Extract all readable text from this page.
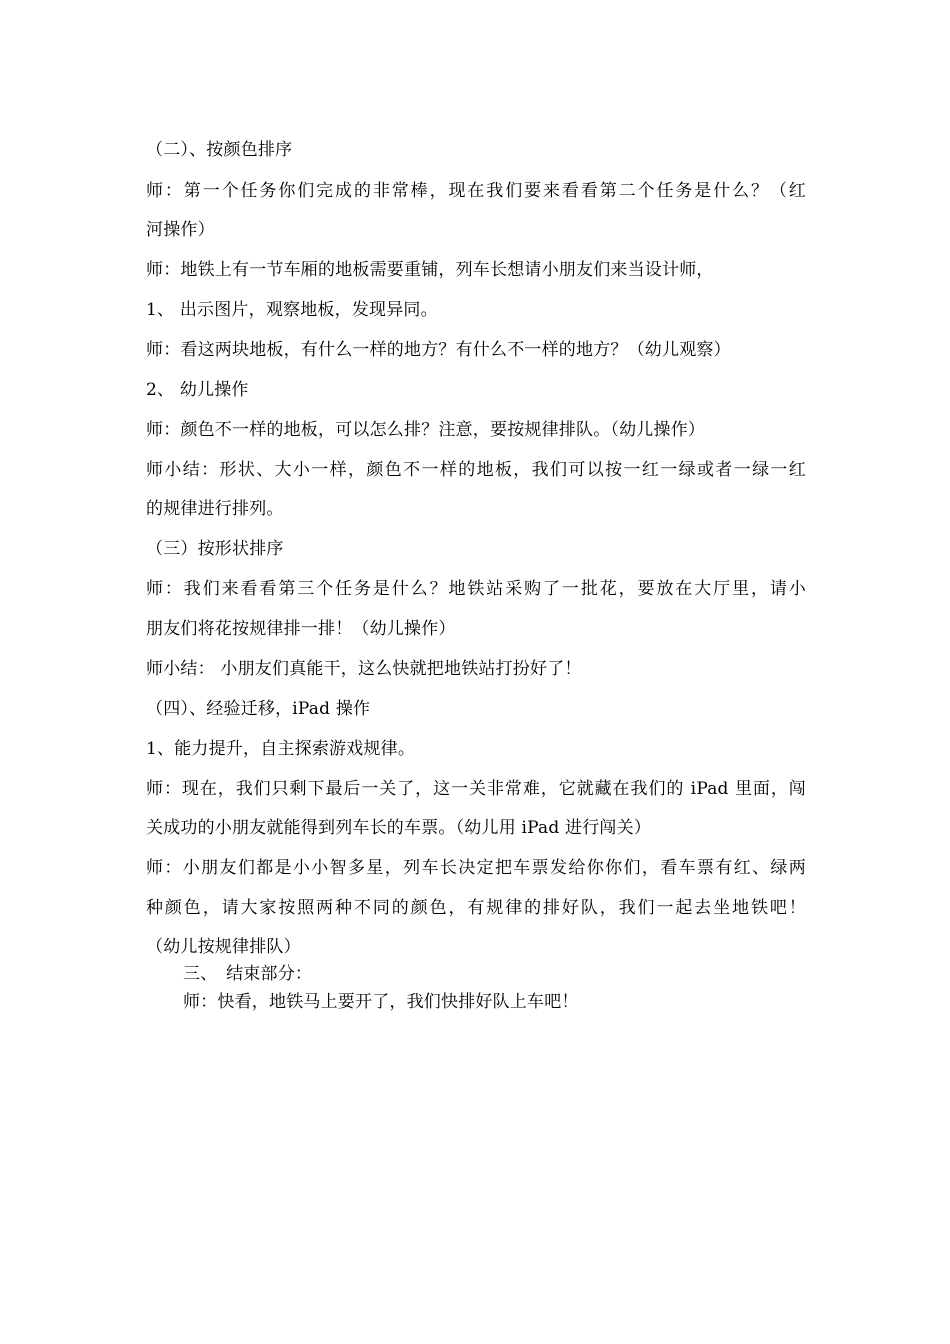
（二）、按颜色排序
师：第一个任务你们完成的非常棒，现在我们要来看看第二个任务是什么？（红
河操作）
师：地铁上有一节车厢的地板需要重铺，列车长想请小朋友们来当设计师，
1、 出示图片，观察地板，发现异同。
师：看这两块地板，有什么一样的地方？有什么不一样的地方？（幼儿观察）
2、 幼儿操作
师：颜色不一样的地板，可以怎么排？注意，要按规律排队。（幼儿操作）
师小结：形状、大小一样，颜色不一样的地板，我们可以按一红一绿或者一绿一红
的规律进行排列。
（三）按形状排序
师：我们来看看第三个任务是什么？地铁站采购了一批花，要放在大厅里，请小
朋友们将花按规律排一排！（幼儿操作）
师小结： 小朋友们真能干，这么快就把地铁站打扮好了！
（四）、经验迁移，iPad 操作
1、能力提升，自主探索游戏规律。
师：现在，我们只剩下最后一关了，这一关非常难，它就藏在我们的 iPad 里面，闯
关成功的小朋友就能得到列车长的车票。（幼儿用 iPad 进行闯关）
师：小朋友们都是小小智多星，列车长决定把车票发给你你们，看车票有红、绿两
种颜色，请大家按照两种不同的颜色，有规律的排好队，我们一起去坐地铁吧！
（幼儿按规律排队）
三、　结束部分：
师：快看，地铁马上要开了，我们快排好队上车吧！
